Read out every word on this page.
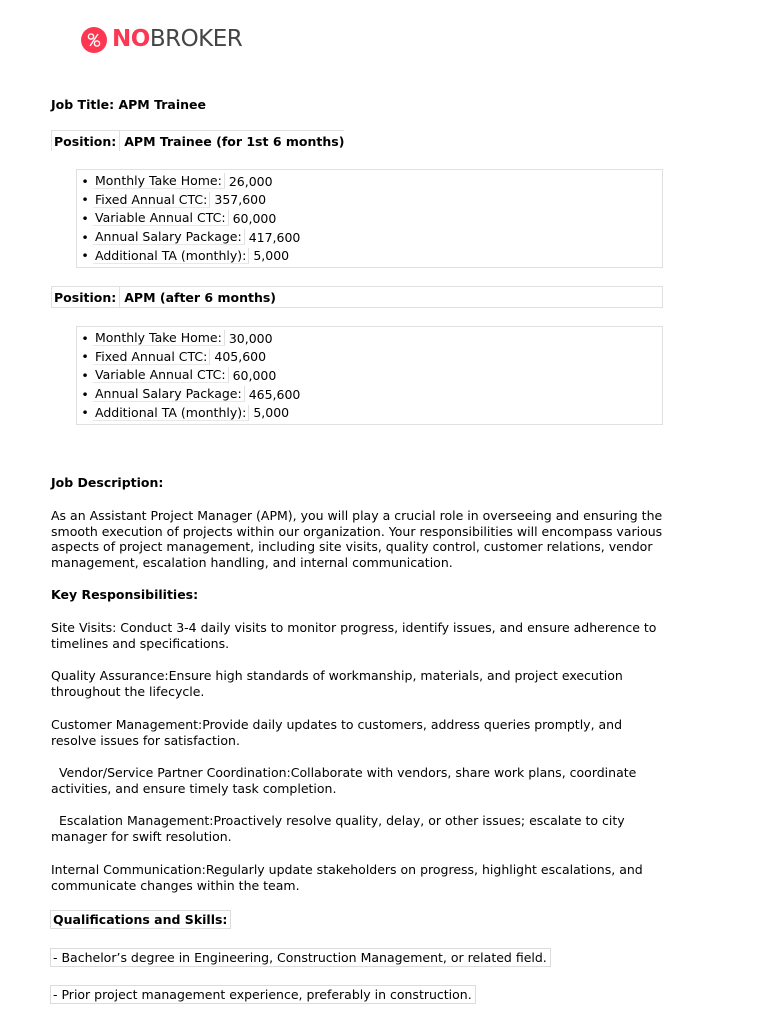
NOBROKER
Job Title: APM Trainee
Position: APM Trainee (for 1st 6 months)
• Monthly Take Home: 26,000
• Fixed Annual CTC: 357,600
• Variable Annual CTC: 60,000
• Annual Salary Package: 417,600
• Additional TA (monthly): 5,000
Position: APM (after 6 months)
• Monthly Take Home: 30,000
• Fixed Annual CTC: 405,600
• Variable Annual CTC: 60,000
• Annual Salary Package: 465,600
• Additional TA (monthly): 5,000
Job Description:
As an Assistant Project Manager (APM), you will play a crucial role in overseeing and ensuring the smooth execution of projects within our organization. Your responsibilities will encompass various aspects of project management, including site visits, quality control, customer relations, vendor management, escalation handling, and internal communication.
Key Responsibilities:
Site Visits: Conduct 3-4 daily visits to monitor progress, identify issues, and ensure adherence to timelines and specifications.
Quality Assurance:Ensure high standards of workmanship, materials, and project execution throughout the lifecycle.
Customer Management:Provide daily updates to customers, address queries promptly, and resolve issues for satisfaction.
Vendor/Service Partner Coordination:Collaborate with vendors, share work plans, coordinate activities, and ensure timely task completion.
Escalation Management:Proactively resolve quality, delay, or other issues; escalate to city manager for swift resolution.
Internal Communication:Regularly update stakeholders on progress, highlight escalations, and communicate changes within the team.
Qualifications and Skills:
- Bachelor’s degree in Engineering, Construction Management, or related field.
- Prior project management experience, preferably in construction.
